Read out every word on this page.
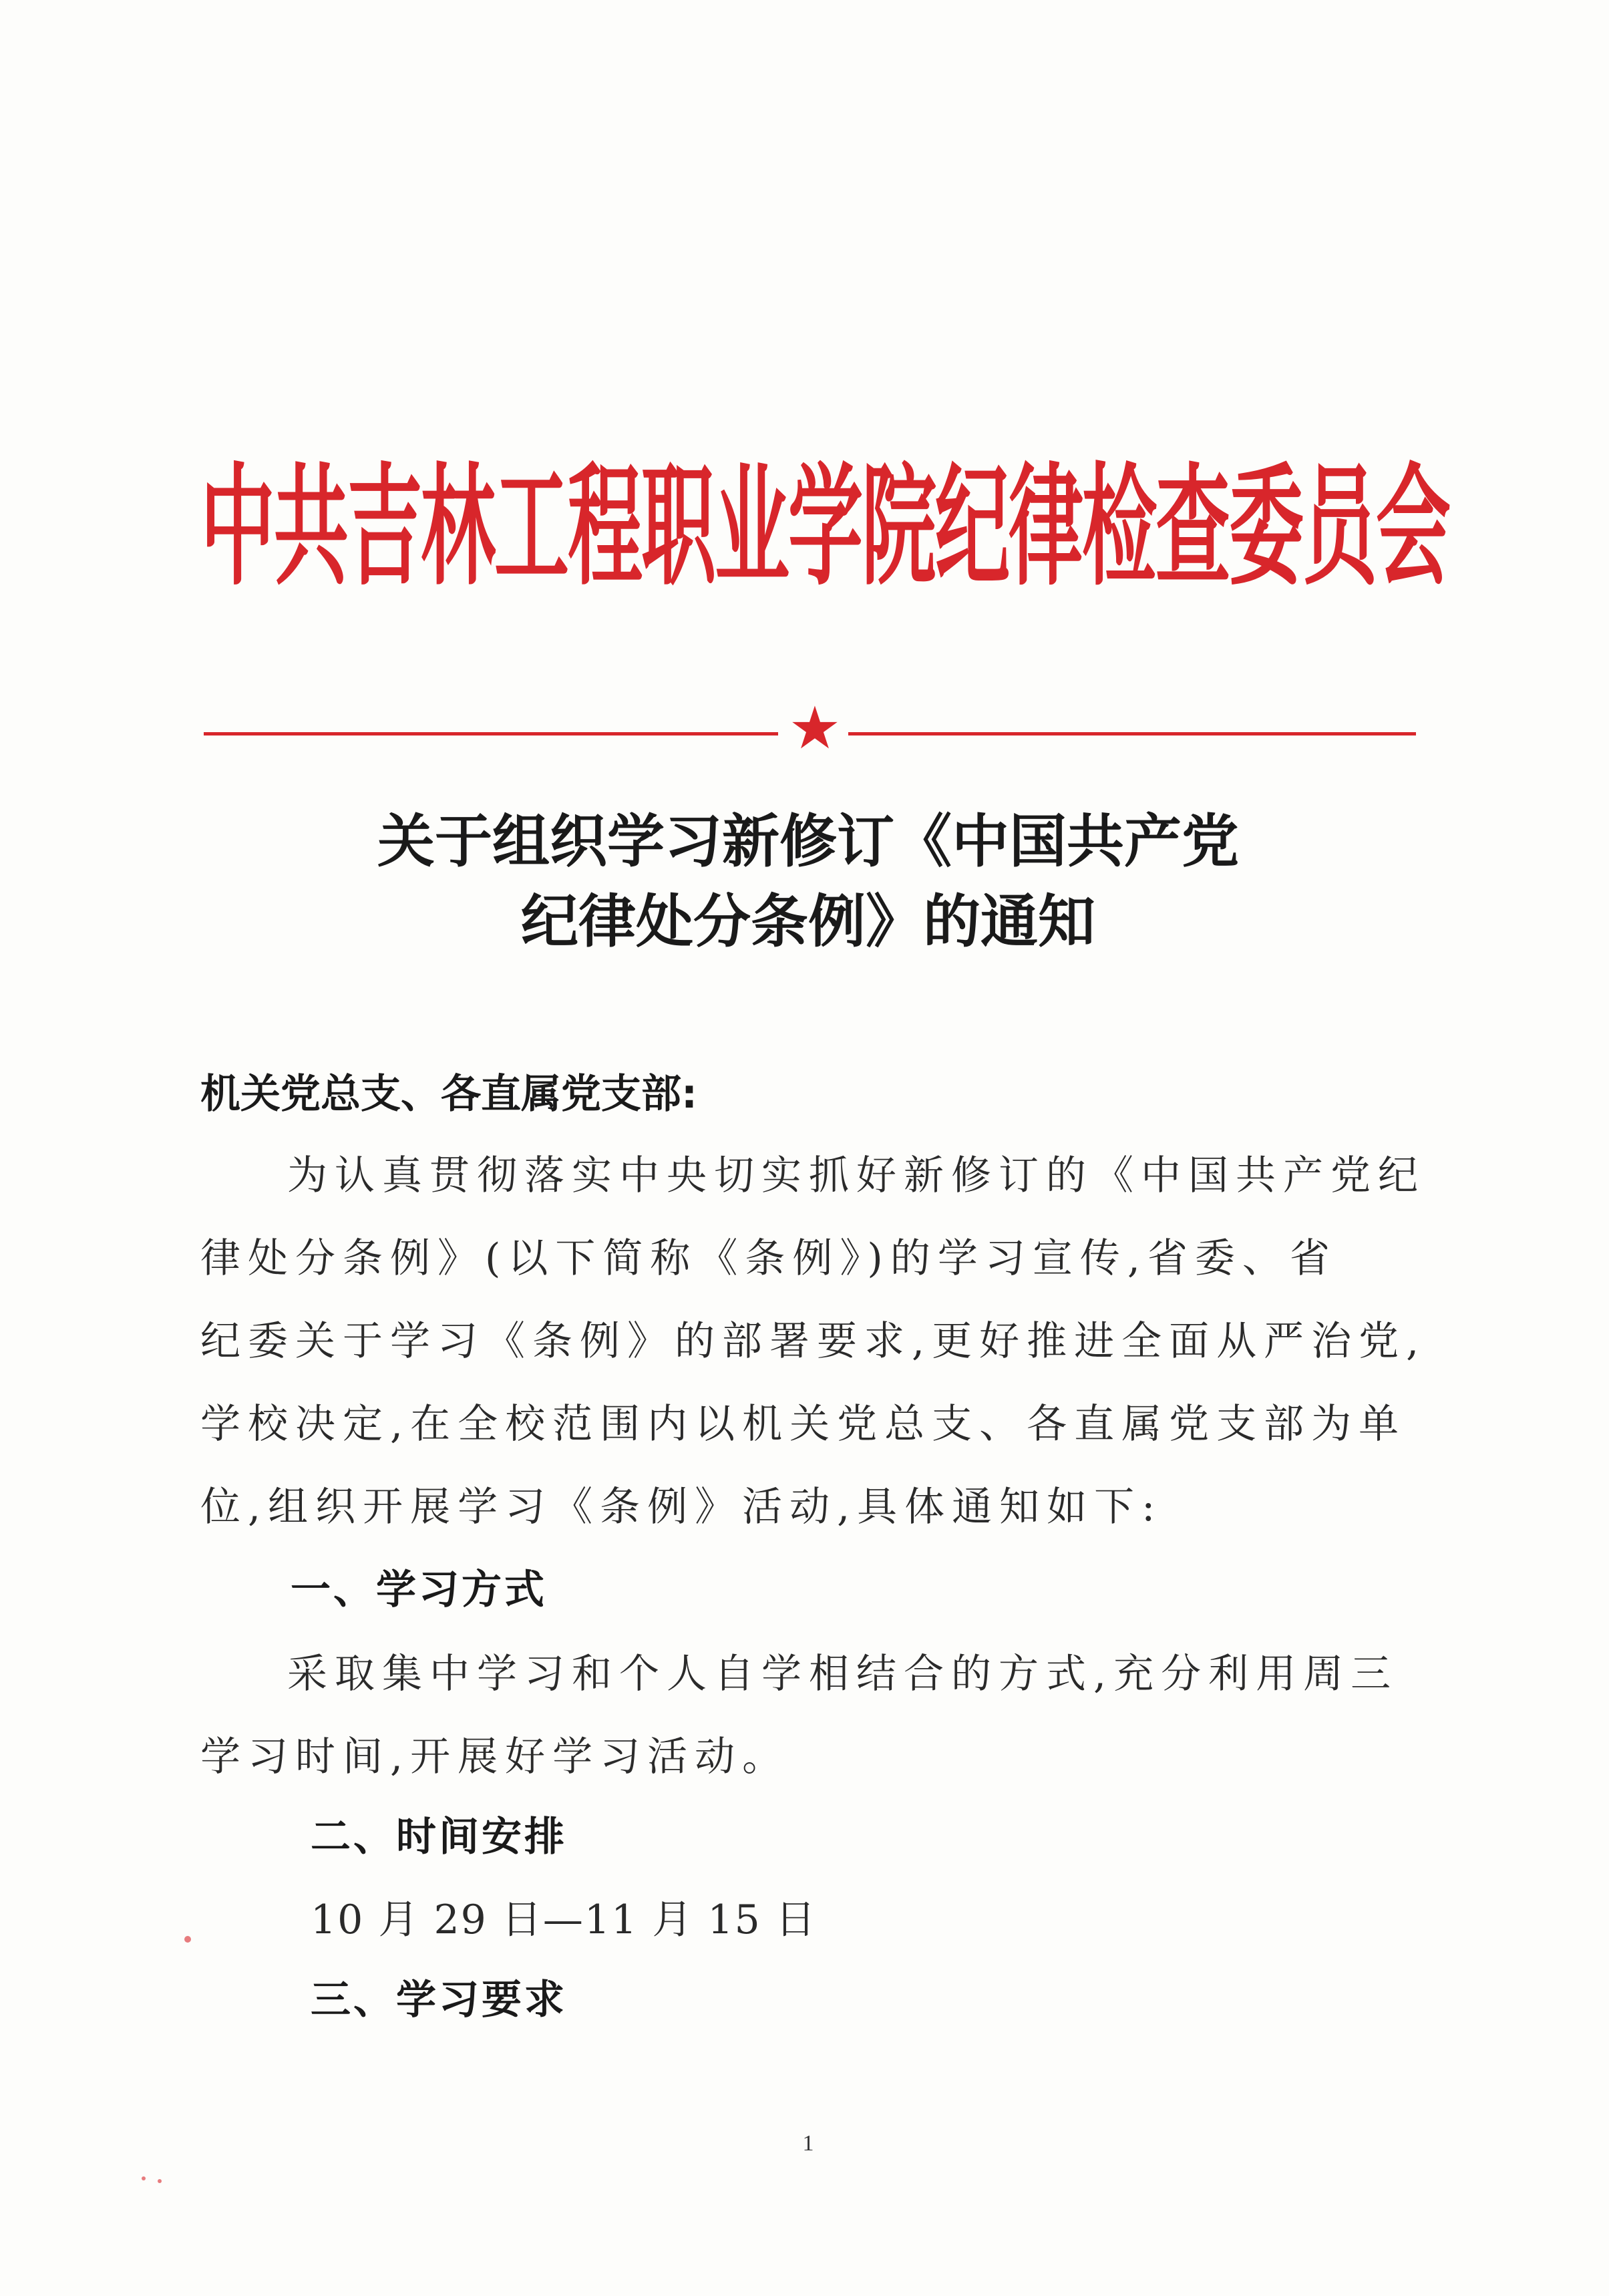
中共吉林工程职业学院纪律检查委员会
★
关于组织学习新修订《中国共产党
纪律处分条例》的通知
机关党总支、各直属党支部:
为认真贯彻落实中央切实抓好新修订的《中国共产党纪
律处分条例》(以下简称《条例》)的学习宣传,省委、省
纪委关于学习《条例》的部署要求,更好推进全面从严治党,
学校决定,在全校范围内以机关党总支、各直属党支部为单
位,组织开展学习《条例》活动,具体通知如下:
一、学习方式
采取集中学习和个人自学相结合的方式,充分利用周三
学习时间,开展好学习活动。
二、时间安排
10 月 29 日—11 月 15 日
三、学习要求
1
